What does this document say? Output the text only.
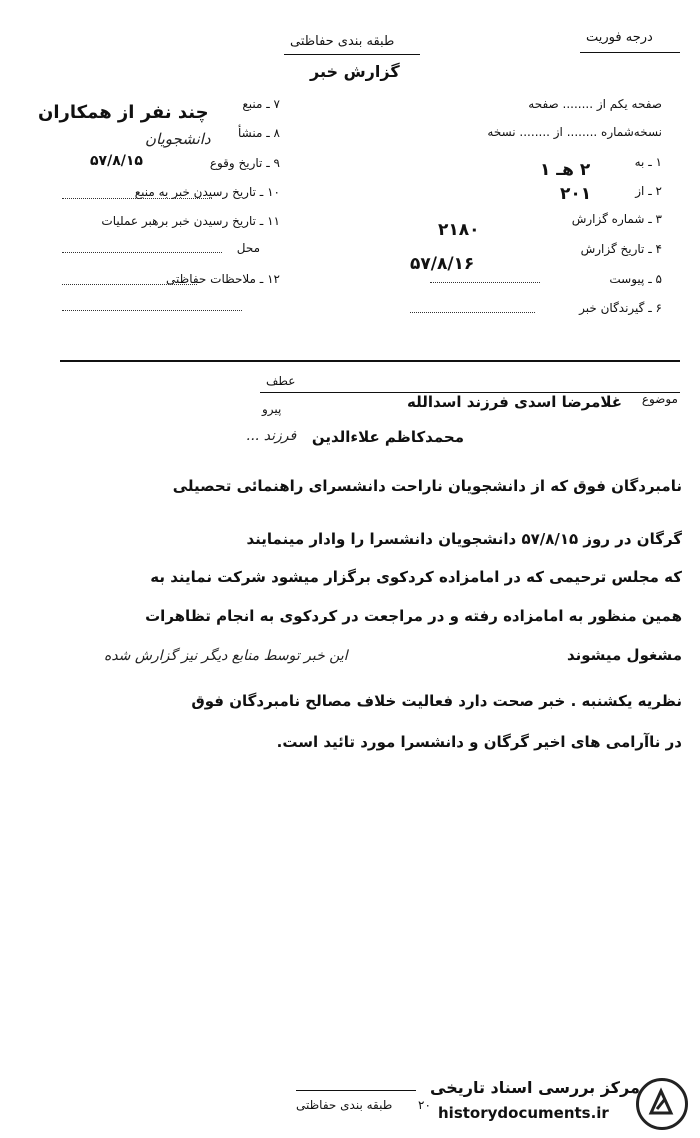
درجه فوریت
طبقه بندی حفاظتی
گزارش خبر
صفحه یکم از ........ صفحه
نسخه‌شماره ........ از ........ نسخه
۱ ـ به
۲ ـ از
۳ ـ شماره گزارش
۴ ـ تاریخ گزارش
۵ ـ پیوست
۶ ـ گیرندگان خبر
۲ هـ ۱
۲۰۱
۲۱۸۰
۵۷/۸/۱۶
۷ ـ منبع
۸ ـ منشأ
۹ ـ تاریخ وقوع
۱۰ ـ تاریخ رسیدن خبر به منبع
۱۱ ـ تاریخ رسیدن خبر برهبر عملیات
محل
۱۲ ـ ملاحظات حفاظتی
چند نفر از همکاران
دانشجویان
۵۷/۸/۱۵
عطف
موضوع
غلامرضا اسدی فرزند اسدالله
پیرو
محمدکاظم علاءالدین
فرزند ...
نامبردگان فوق که از دانشجویان ناراحت دانشسرای راهنمائی تحصیلی
گرگان در روز ۵۷/۸/۱۵ دانشجویان دانشسرا را وادار مینمایند
که مجلس ترحیمی که در امامزاده کردکوی برگزار میشود شرکت نمایند به
همین منظور به امامزاده رفته و در مراجعت در کردکوی به انجام تظاهرات
مشغول میشوند
این خبر توسط منابع دیگر نیز گزارش شده
نظریه یکشنبه . خبر صحت دارد فعالیت خلاف مصالح نامبردگان فوق
در ناآرامی های اخیر گرگان و دانشسرا مورد تائید است.
طبقه بندی حفاظتی ۲۰
مرکز بررسی اسناد تاریخی
historydocuments.ir
